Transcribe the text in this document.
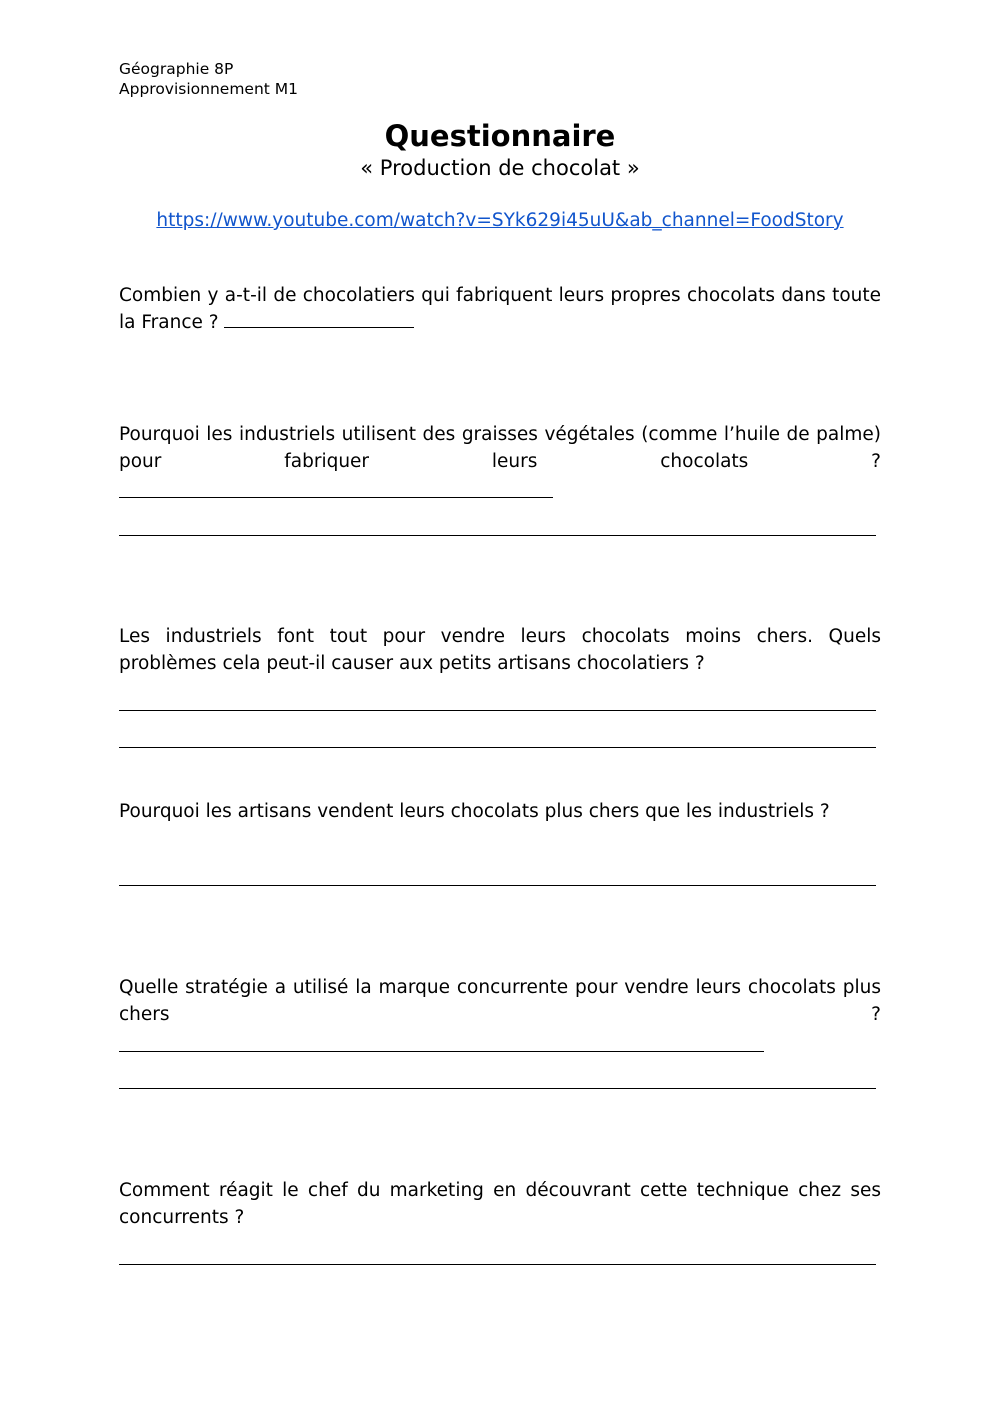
Géographie 8P
Approvisionnement M1
Questionnaire
« Production de chocolat »
https://www.youtube.com/watch?v=SYk629i45uU&ab_channel=FoodStory
Combien y a-t-il de chocolatiers qui fabriquent leurs propres chocolats dans toute la France ?
Pourquoi les industriels utilisent des graisses végétales (comme l’huile de palme) pour fabriquer leurs chocolats ?
Les industriels font tout pour vendre leurs chocolats moins chers. Quels problèmes cela peut-il causer aux petits artisans chocolatiers ?
Pourquoi les artisans vendent leurs chocolats plus chers que les industriels ?
Quelle stratégie a utilisé la marque concurrente pour vendre leurs chocolats plus chers ?
Comment réagit le chef du marketing en découvrant cette technique chez ses concurrents ?
